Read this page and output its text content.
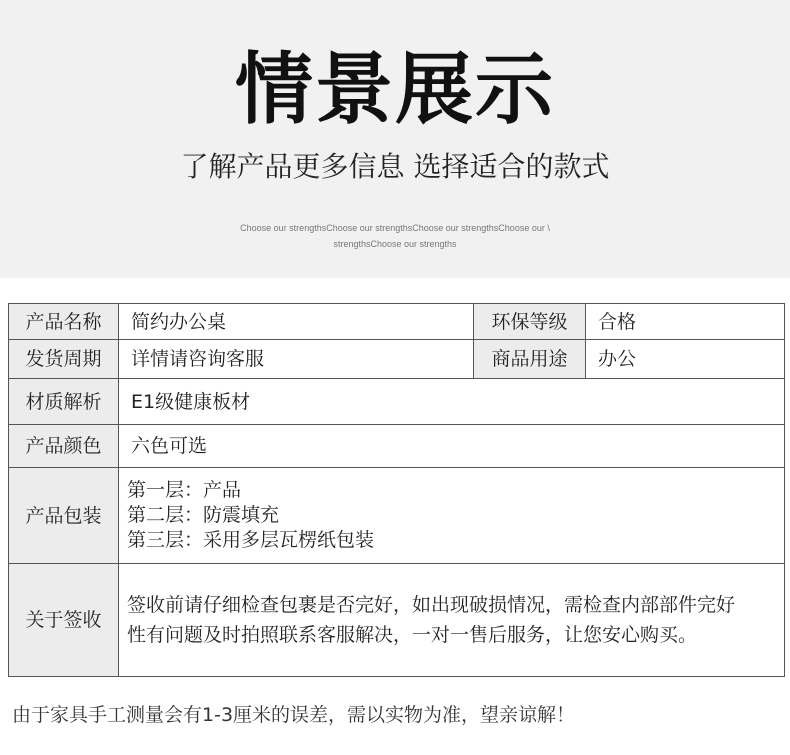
情景展示
了解产品更多信息 选择适合的款式
Choose our strengthsChoose our strengthsChoose our strengthsChoose our \
strengthsChoose our strengths
产品名称	简约办公桌	环保等级	合格
发货周期	详情请咨询客服	商品用途	办公
材质解析	E1级健康板材		
产品颜色	六色可选		
产品包装	第一层：产品
第二层：防震填充
第三层：采用多层瓦楞纸包装		

关于签收	签收前请仔细检查包裹是否完好，如出现破损情况，需检查内部部件完好
性有问题及时拍照联系客服解决，一对一售后服务，让您安心购买。		
由于家具手工测量会有1-3厘米的误差，需以实物为准，望亲谅解！
